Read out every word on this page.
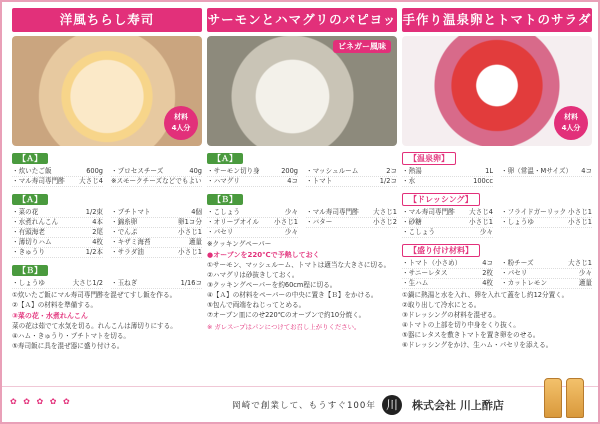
洋風ちらし寿司
材料
4人分
【Ａ】
・炊いたご飯	600g
・マル寿司専門酢 大さじ4
・プロセスチーズ	40g
※スモークチーズなどでもよい
【Ａ】
・菜の花	1/2束
・水煮れんこん	4本
・有頭海老	2尾
・薄切りハム	4枚
・きゅうり	1/2本
・プチトマト	4個
・錦糸卵	卵1コ分
・でんぷ	小さじ1
・キザミ海苔	適量
・サラダ油	小さじ1
【Ｂ】
・しょうゆ	大さじ1/2 ・玉ねぎ	1/16コ
①炊いたご飯にマル寿司専門酢を混ぜてすし飯を作る。
②【Ａ】の材料を準備する。
③菜の花・水煮れんこん
菜の花は茹でて水気を切る。れんこんは薄切りにする。
④ハム・きゅうり・プチトマトを切る。
⑤寿司飯に具を混ぜ器に盛り付ける。
サーモンとハマグリのパピヨッ
ビネガー風味
【Ａ】
・サーモン切り身	200g
・ハマグリ	4コ
・マッシュルーム	2コ
・トマト	1/2コ
【Ｂ】
・こしょう	少々
・オリーブオイル 小さじ1
・パセリ	少々
・マル寿司専門酢 大さじ1
・バター	小さじ2
※クッキングペーパー
●オーブンを220℃で予熱しておく
①サーモン、マッシュルーム、トマトは適当な大きさに切る。
②ハマグリは砂抜きしておく。
③クッキングペーパーを約60cm程に切る。
④【Ａ】の材料をペーパーの中央に置き【Ｂ】をかける。
⑤包んで両端をねじってとめる。
⑦オーブン皿にのせ220℃のオーブンで約10分焼く。
※ ガレスープはパンにつけてお召し上がりください。
手作り温泉卵とトマトのサラダ
材料
4人分
【温泉卵】
・熱湯	1L
・水	100cc
・卵（常温・Mサイズ） 4コ
【ドレッシング】
・マル寿司専門酢 大さじ4
・砂糖	小さじ1
・こしょう	少々
・フライドガーリック 小さじ1
・しょうゆ	小さじ1
【盛り付け材料】
・トマト（小さめ）	4コ
・サニーレタス	2枚
・生ハム	4枚
・粉チーズ	大さじ1
・パセリ	少々
・カットレモン	適量
①鍋に熱湯と水を入れ、卵を入れて蓋をし約12分置く。
②取り出して冷水にとる。
③ドレッシングの材料を混ぜる。
④トマトの上部を切り中身をくり抜く。
⑤器にレタスを敷きトマトを置き卵をのせる。
⑥ドレッシングをかけ、生ハム・パセリを添える。
✿ ✿ ✿ ✿ ✿	岡崎で創業して、もうすぐ100年 川	株式会社 川上酢店
